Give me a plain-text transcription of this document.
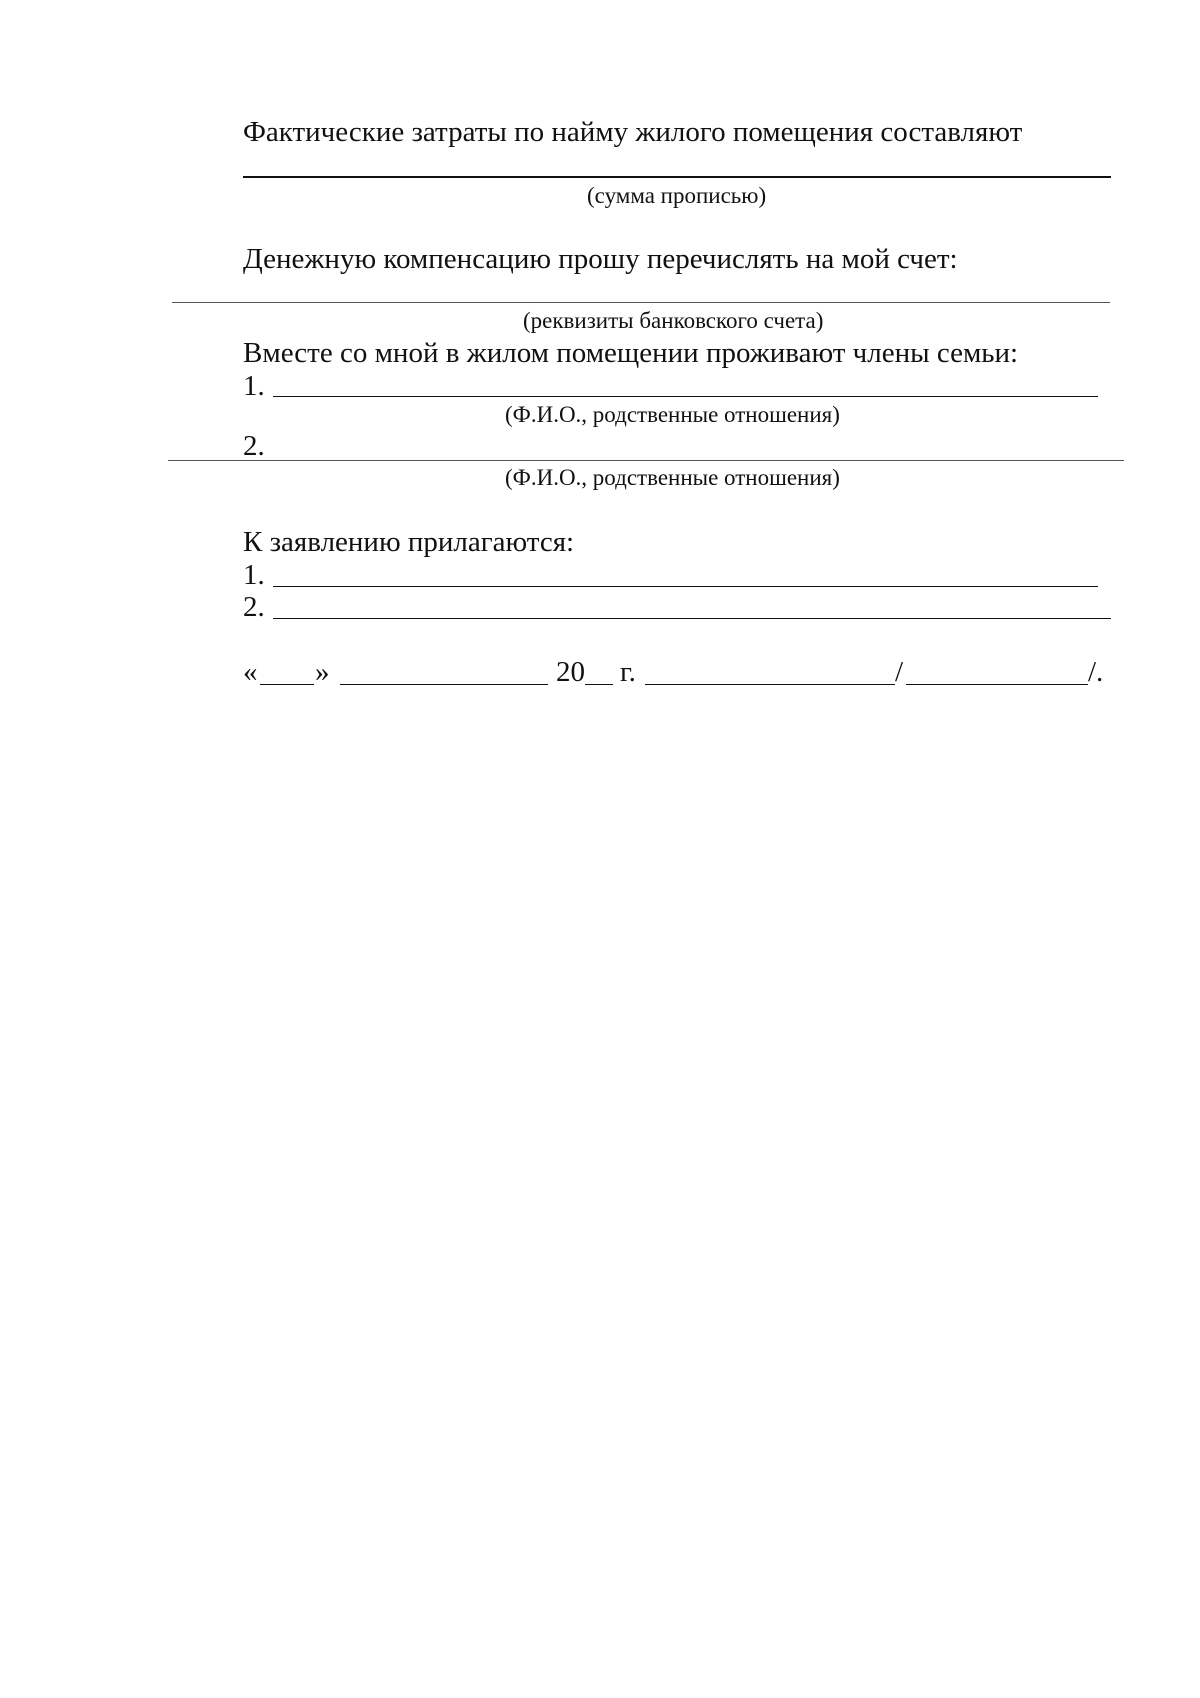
Фактические затраты по найму жилого помещения составляют
(сумма прописью)
Денежную компенсацию прошу перечислять на мой счет:
(реквизиты банковского счета)
Вместе со мной в жилом помещении проживают члены семьи:
1.
(Ф.И.О., родственные отношения)
2.
(Ф.И.О., родственные отношения)
К заявлению прилагаются:
1.
2.
« »	20 г.	/	/.
